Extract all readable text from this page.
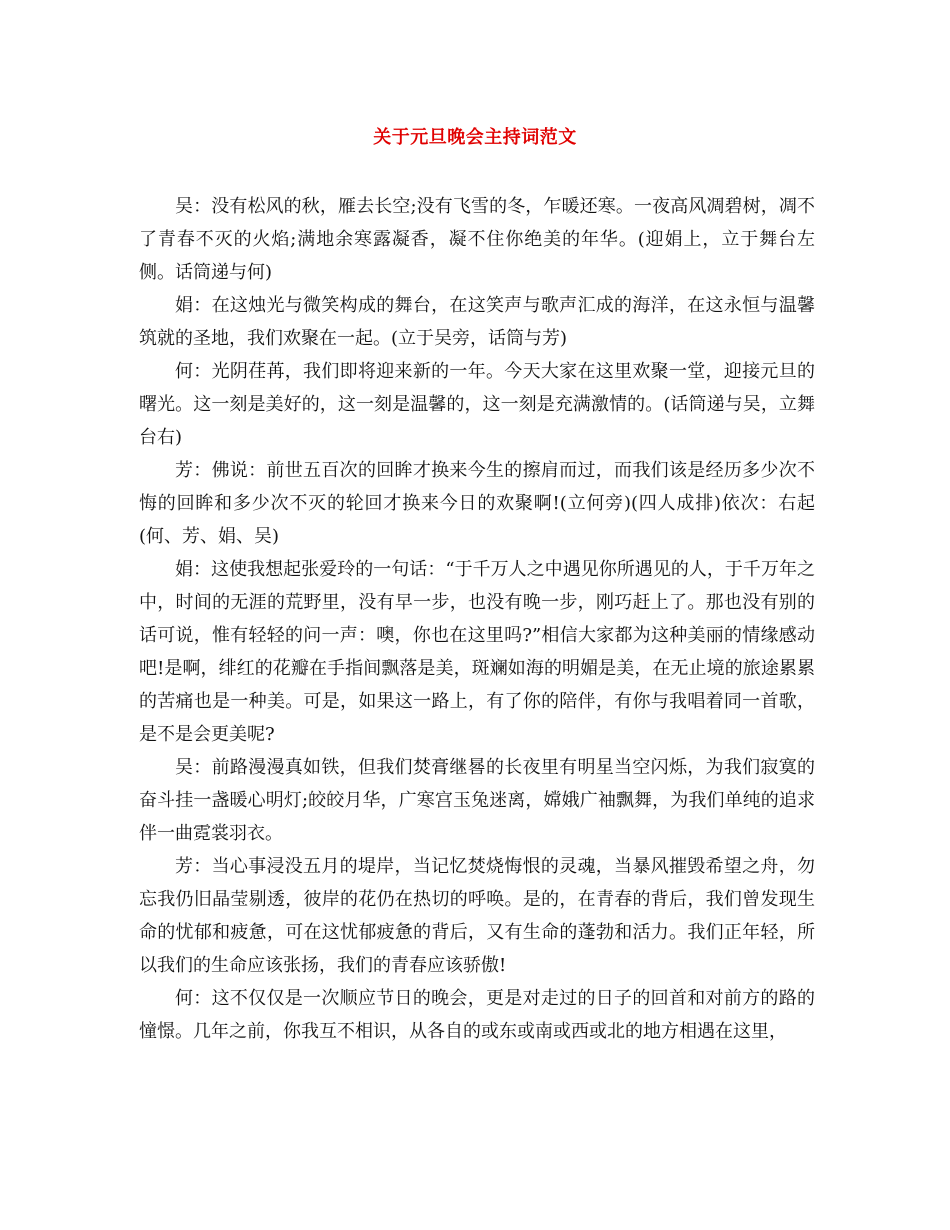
关于元旦晚会主持词范文

吴：没有松风的秋，雁去长空;没有飞雪的冬，乍暖还寒。一夜高风凋碧树，凋不了青春不灭的火焰;满地余寒露凝香，凝不住你绝美的年华。(迎娟上，立于舞台左侧。话筒递与何)

娟：在这烛光与微笑构成的舞台，在这笑声与歌声汇成的海洋，在这永恒与温馨筑就的圣地，我们欢聚在一起。(立于吴旁，话筒与芳)

何：光阴荏苒，我们即将迎来新的一年。今天大家在这里欢聚一堂，迎接元旦的曙光。这一刻是美好的，这一刻是温馨的，这一刻是充满激情的。(话筒递与吴，立舞台右)

芳：佛说：前世五百次的回眸才换来今生的擦肩而过，而我们该是经历多少次不悔的回眸和多少次不灭的轮回才换来今日的欢聚啊!(立何旁)(四人成排)依次：右起(何、芳、娟、吴)

娟：这使我想起张爱玲的一句话：“于千万人之中遇见你所遇见的人，于千万年之中，时间的无涯的荒野里，没有早一步，也没有晚一步，刚巧赶上了。那也没有别的话可说，惟有轻轻的问一声：噢，你也在这里吗?”相信大家都为这种美丽的情缘感动吧!是啊，绯红的花瓣在手指间飘落是美，斑斓如海的明媚是美，在无止境的旅途累累的苦痛也是一种美。可是，如果这一路上，有了你的陪伴，有你与我唱着同一首歌，是不是会更美呢?

吴：前路漫漫真如铁，但我们焚膏继晷的长夜里有明星当空闪烁，为我们寂寞的奋斗挂一盏暖心明灯;皎皎月华，广寒宫玉兔迷离，嫦娥广袖飘舞，为我们单纯的追求伴一曲霓裳羽衣。

芳：当心事浸没五月的堤岸，当记忆焚烧悔恨的灵魂，当暴风摧毁希望之舟，勿忘我仍旧晶莹剔透，彼岸的花仍在热切的呼唤。是的，在青春的背后，我们曾发现生命的忧郁和疲惫，可在这忧郁疲惫的背后，又有生命的蓬勃和活力。我们正年轻，所以我们的生命应该张扬，我们的青春应该骄傲!

何：这不仅仅是一次顺应节日的晚会，更是对走过的日子的回首和对前方的路的憧憬。几年之前，你我互不相识，从各自的或东或南或西或北的地方相遇在这里，
